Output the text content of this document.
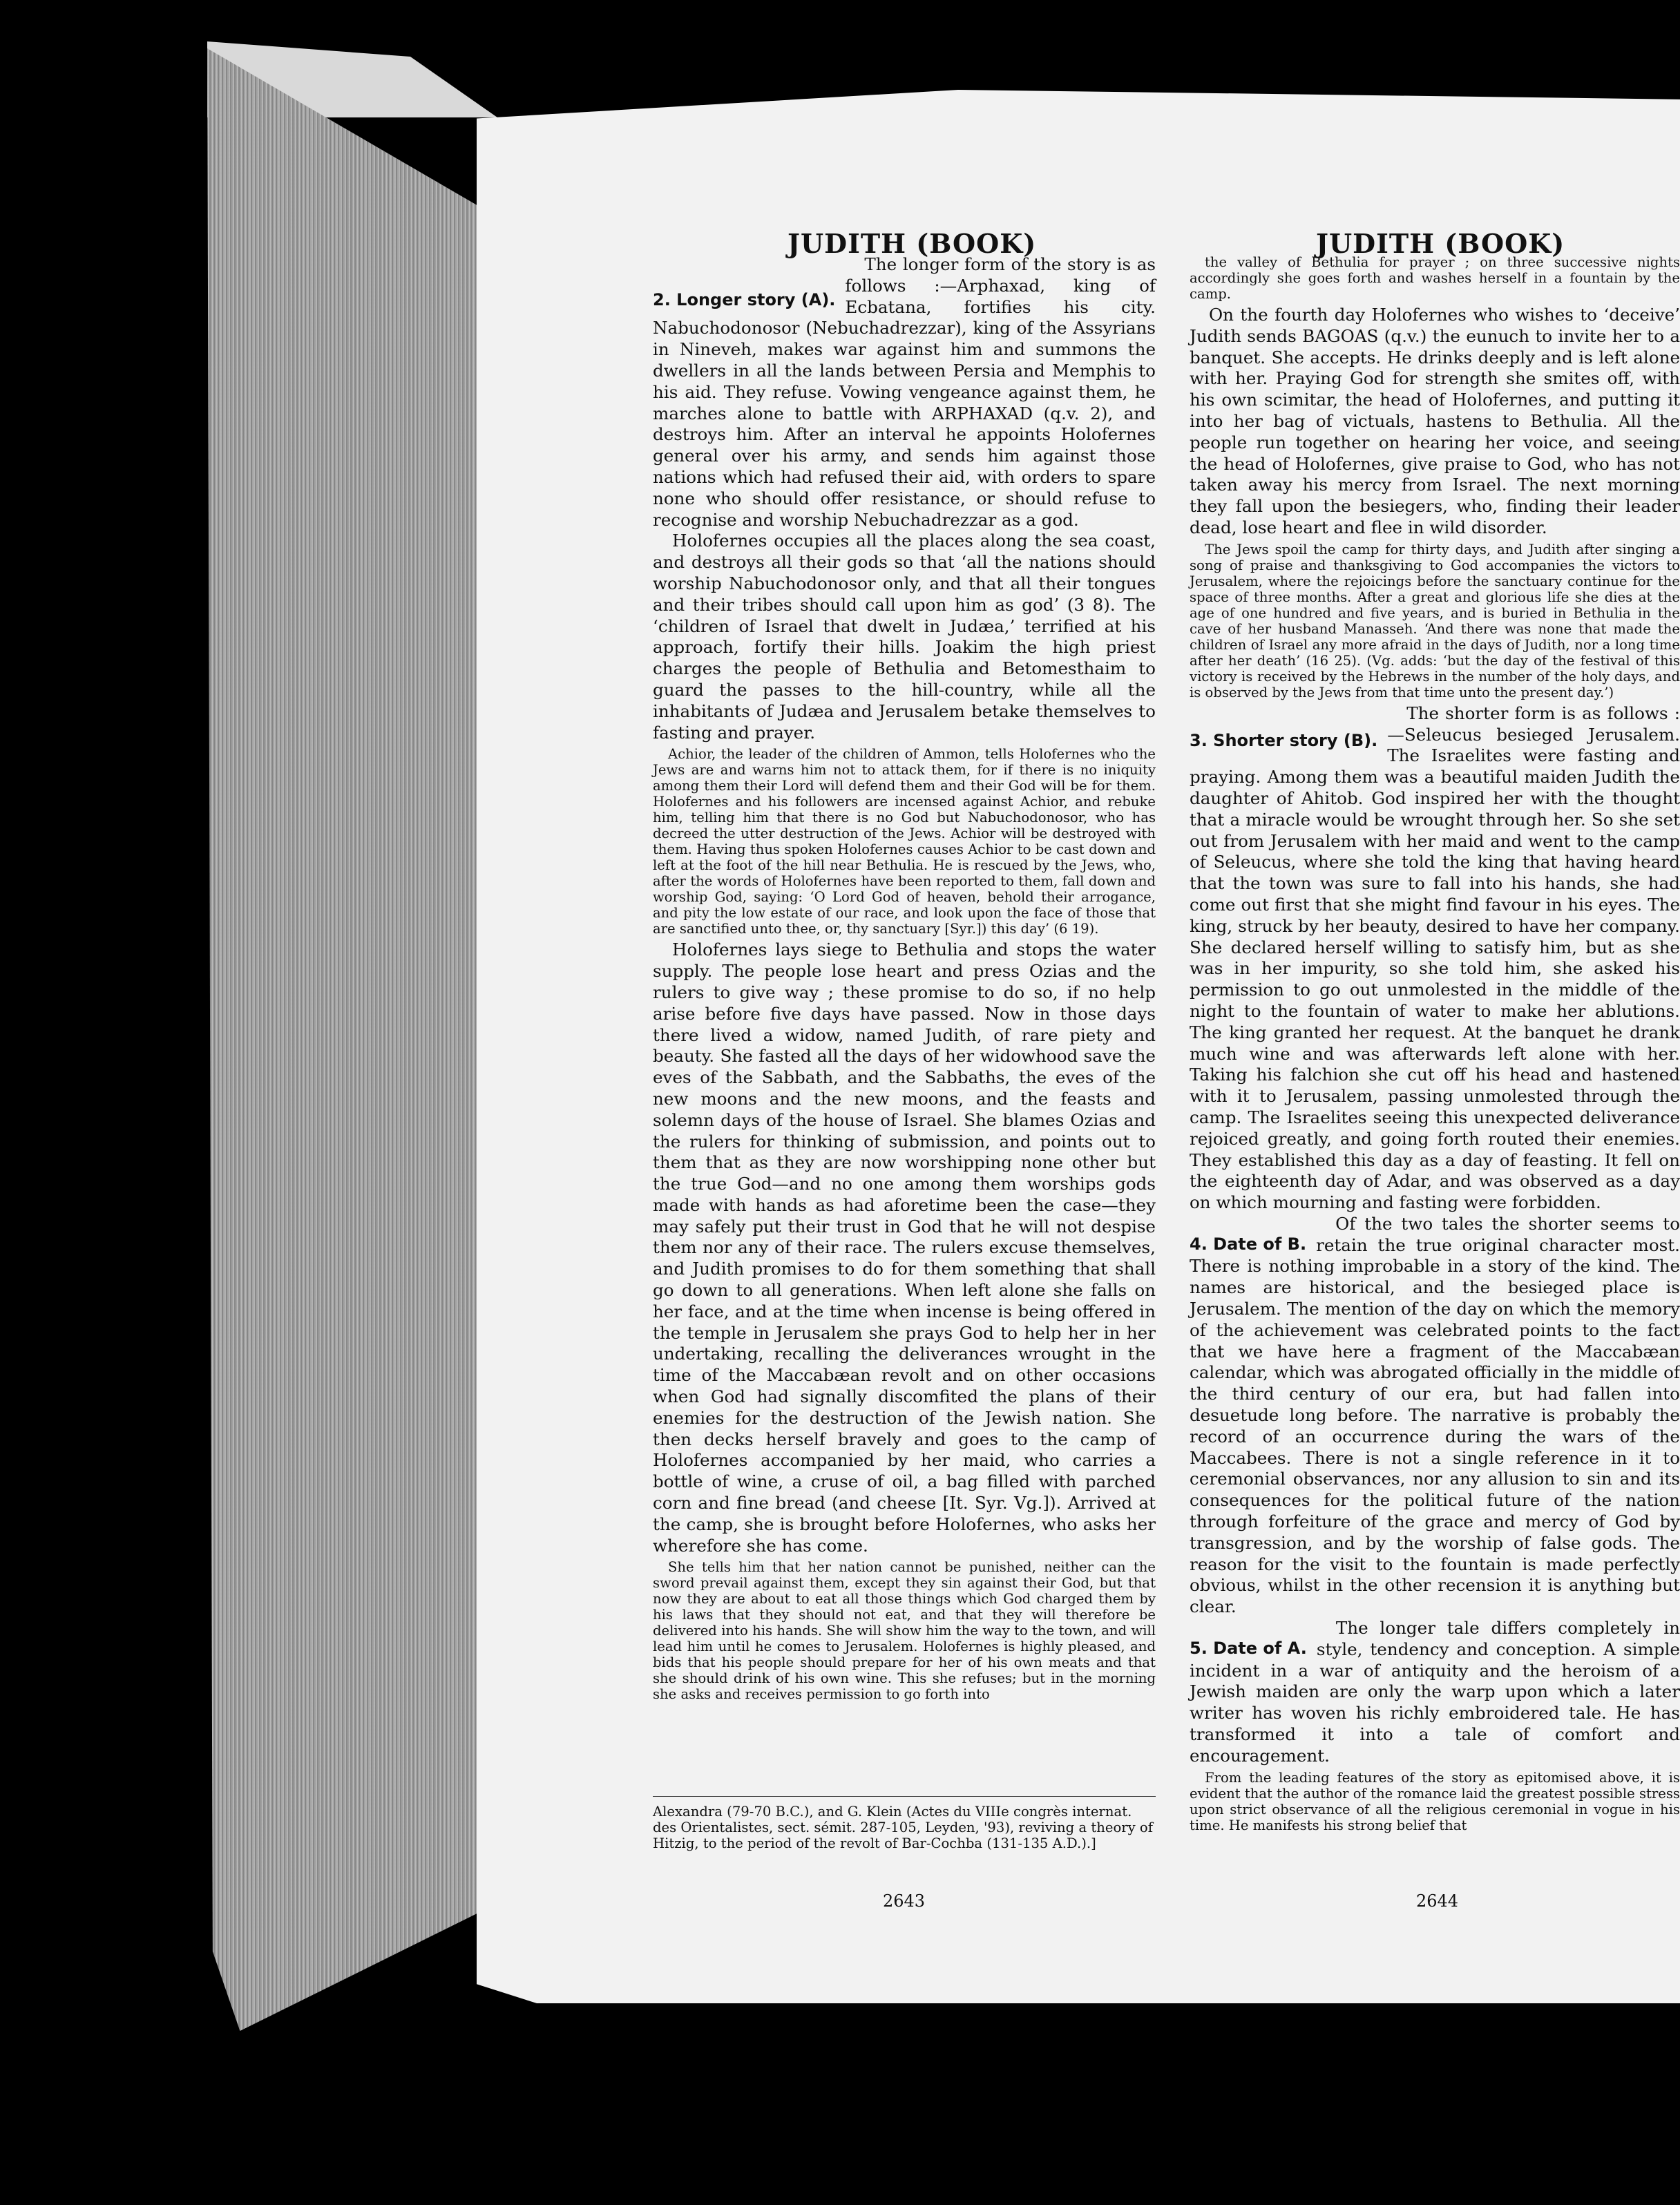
JUDITH (BOOK)	JUDITH (BOOK)
2. Longer story (A).

The longer form of the story is as follows :—Arphaxad, king of Ecbatana, fortifies his city. Nabuchodonosor (Nebuchadrezzar), king of the Assyrians in Nineveh, makes war against him and summons the dwellers in all the lands between Persia and Memphis to his aid. They refuse. Vowing vengeance against them, he marches alone to battle with ARPHAXAD (q.v. 2), and destroys him. After an interval he appoints Holofernes general over his army, and sends him against those nations which had refused their aid, with orders to spare none who should offer resistance, or should refuse to recognise and worship Nebuchadrezzar as a god.

Holofernes occupies all the places along the sea coast, and destroys all their gods so that ‘all the nations should worship Nabuchodonosor only, and that all their tongues and their tribes should call upon him as god’ (3 8). The ‘children of Israel that dwelt in Judæa,’ terrified at his approach, fortify their hills. Joakim the high priest charges the people of Bethulia and Betomesthaim to guard the passes to the hill-country, while all the inhabitants of Judæa and Jerusalem betake themselves to fasting and prayer.

Achior, the leader of the children of Ammon, tells Holofernes who the Jews are and warns him not to attack them, for if there is no iniquity among them their Lord will defend them and their God will be for them. Holofernes and his followers are incensed against Achior, and rebuke him, telling him that there is no God but Nabuchodonosor, who has decreed the utter destruction of the Jews. Achior will be destroyed with them. Having thus spoken Holofernes causes Achior to be cast down and left at the foot of the hill near Bethulia. He is rescued by the Jews, who, after the words of Holofernes have been reported to them, fall down and worship God, saying: ‘O Lord God of heaven, behold their arrogance, and pity the low estate of our race, and look upon the face of those that are sanctified unto thee, or, thy sanctuary [Syr.]) this day’ (6 19).

Holofernes lays siege to Bethulia and stops the water supply. The people lose heart and press Ozias and the rulers to give way ; these promise to do so, if no help arise before five days have passed. Now in those days there lived a widow, named Judith, of rare piety and beauty. She fasted all the days of her widowhood save the eves of the Sabbath, and the Sabbaths, the eves of the new moons and the new moons, and the feasts and solemn days of the house of Israel. She blames Ozias and the rulers for thinking of submission, and points out to them that as they are now worshipping none other but the true God—and no one among them worships gods made with hands as had aforetime been the case—they may safely put their trust in God that he will not despise them nor any of their race. The rulers excuse themselves, and Judith promises to do for them something that shall go down to all generations. When left alone she falls on her face, and at the time when incense is being offered in the temple in Jerusalem she prays God to help her in her undertaking, recalling the deliverances wrought in the time of the Maccabæan revolt and on other occasions when God had signally discomfited the plans of their enemies for the destruction of the Jewish nation. She then decks herself bravely and goes to the camp of Holofernes accompanied by her maid, who carries a bottle of wine, a cruse of oil, a bag filled with parched corn and fine bread (and cheese [It. Syr. Vg.]). Arrived at the camp, she is brought before Holofernes, who asks her wherefore she has come.

She tells him that her nation cannot be punished, neither can the sword prevail against them, except they sin against their God, but that now they are about to eat all those things which God charged them by his laws that they should not eat, and that they will therefore be delivered into his hands. She will show him the way to the town, and will lead him until he comes to Jerusalem. Holofernes is highly pleased, and bids that his people should prepare for her of his own meats and that she should drink of his own wine. This she refuses; but in the morning she asks and receives permission to go forth into

Alexandra (79-70 B.C.), and G. Klein (Actes du VIIIe congrès internat. des Orientalistes, sect. sémit. 287-105, Leyden, '93), reviving a theory of Hitzig, to the period of the revolt of Bar-Cochba (131-135 A.D.).]
2643

the valley of Bethulia for prayer ; on three successive nights accordingly she goes forth and washes herself in a fountain by the camp.

On the fourth day Holofernes who wishes to ‘deceive’ Judith sends BAGOAS (q.v.) the eunuch to invite her to a banquet. She accepts. He drinks deeply and is left alone with her. Praying God for strength she smites off, with his own scimitar, the head of Holofernes, and putting it into her bag of victuals, hastens to Bethulia. All the people run together on hearing her voice, and seeing the head of Holofernes, give praise to God, who has not taken away his mercy from Israel. The next morning they fall upon the besiegers, who, finding their leader dead, lose heart and flee in wild disorder.

The Jews spoil the camp for thirty days, and Judith after singing a song of praise and thanksgiving to God accompanies the victors to Jerusalem, where the rejoicings before the sanctuary continue for the space of three months. After a great and glorious life she dies at the age of one hundred and five years, and is buried in Bethulia in the cave of her husband Manasseh. ‘And there was none that made the children of Israel any more afraid in the days of Judith, nor a long time after her death’ (16 25). (Vg. adds: ‘but the day of the festival of this victory is received by the Hebrews in the number of the holy days, and is observed by the Jews from that time unto the present day.’)

3. Shorter story (B).

The shorter form is as follows :—Seleucus besieged Jerusalem. The Israelites were fasting and praying. Among them was a beautiful maiden Judith the daughter of Ahitob. God inspired her with the thought that a miracle would be wrought through her. So she set out from Jerusalem with her maid and went to the camp of Seleucus, where she told the king that having heard that the town was sure to fall into his hands, she had come out first that she might find favour in his eyes. The king, struck by her beauty, desired to have her company. She declared herself willing to satisfy him, but as she was in her impurity, so she told him, she asked his permission to go out unmolested in the middle of the night to the fountain of water to make her ablutions. The king granted her request. At the banquet he drank much wine and was afterwards left alone with her. Taking his falchion she cut off his head and hastened with it to Jerusalem, passing unmolested through the camp. The Israelites seeing this unexpected deliverance rejoiced greatly, and going forth routed their enemies. They established this day as a day of feasting. It fell on the eighteenth day of Adar, and was observed as a day on which mourning and fasting were forbidden.

4. Date of B.

Of the two tales the shorter seems to retain the true original character most. There is nothing improbable in a story of the kind. The names are historical, and the besieged place is Jerusalem. The mention of the day on which the memory of the achievement was celebrated points to the fact that we have here a fragment of the Maccabæan calendar, which was abrogated officially in the middle of the third century of our era, but had fallen into desuetude long before. The narrative is probably the record of an occurrence during the wars of the Maccabees. There is not a single reference in it to ceremonial observances, nor any allusion to sin and its consequences for the political future of the nation through forfeiture of the grace and mercy of God by transgression, and by the worship of false gods. The reason for the visit to the fountain is made perfectly obvious, whilst in the other recension it is anything but clear.

5. Date of A.

The longer tale differs completely in style, tendency and conception. A simple incident in a war of antiquity and the heroism of a Jewish maiden are only the warp upon which a later writer has woven his richly embroidered tale. He has transformed it into a tale of comfort and encouragement.

From the leading features of the story as epitomised above, it is evident that the author of the romance laid the greatest possible stress upon strict observance of all the religious ceremonial in vogue in his time. He manifests his strong belief that

2644
